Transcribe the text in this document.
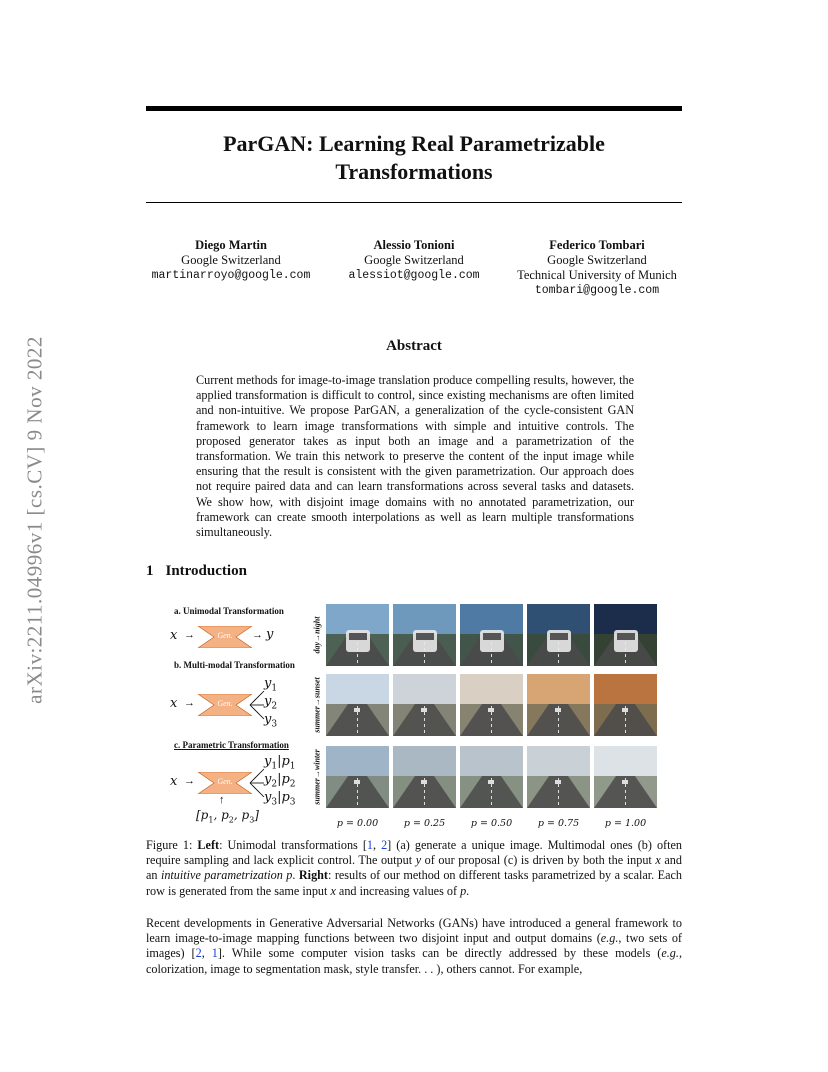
arXiv:2211.04996v1 [cs.CV] 9 Nov 2022
ParGAN: Learning Real Parametrizable
Transformations
Diego Martin
Google Switzerland
martinarroyo@google.com
Alessio Tonioni
Google Switzerland
alessiot@google.com
Federico Tombari
Google Switzerland
Technical University of Munich
tombari@google.com
Abstract
Current methods for image-to-image translation produce compelling results, however, the applied transformation is difficult to control, since existing mechanisms are often limited and non-intuitive. We propose ParGAN, a generalization of the cycle-consistent GAN framework to learn image transformations with simple and intuitive controls. The proposed generator takes as input both an image and a parametrization of the transformation. We train this network to preserve the content of the input image while ensuring that the result is consistent with the given parametrization. Our approach does not require paired data and can learn transformations across several tasks and datasets. We show how, with disjoint image domains with no annotated parametrization, our framework can create smooth interpolations as well as learn multiple transformations simultaneously.
1 Introduction
a. Unimodal Transformation
x →	Gen.	→ y
b. Multi-modal Transformation
x →	Gen.
$y_1$
$y_2$
$y_3$
c. Parametric Transformation
x →	Gen.
$y_1|p_1$
$y_2|p_2$
$y_3|p_3$
↑
[$p_1$, $p_2$, $p_3$]
day→night
summer→sunset
summer→winter
p = 0.00	p = 0.25	p = 0.50	p = 0.75	p = 1.00
Figure 1: Left: Unimodal transformations [1, 2] (a) generate a unique image. Multimodal ones (b) often require sampling and lack explicit control. The output y of our proposal (c) is driven by both the input x and an intuitive parametrization p. Right: results of our method on different tasks parametrized by a scalar. Each row is generated from the same input x and increasing values of p.
Recent developments in Generative Adversarial Networks (GANs) have introduced a general framework to learn image-to-image mapping functions between two disjoint input and output domains (e.g., two sets of images) [2, 1]. While some computer vision tasks can be directly addressed by these models (e.g., colorization, image to segmentation mask, style transfer. . . ), others cannot. For example,
